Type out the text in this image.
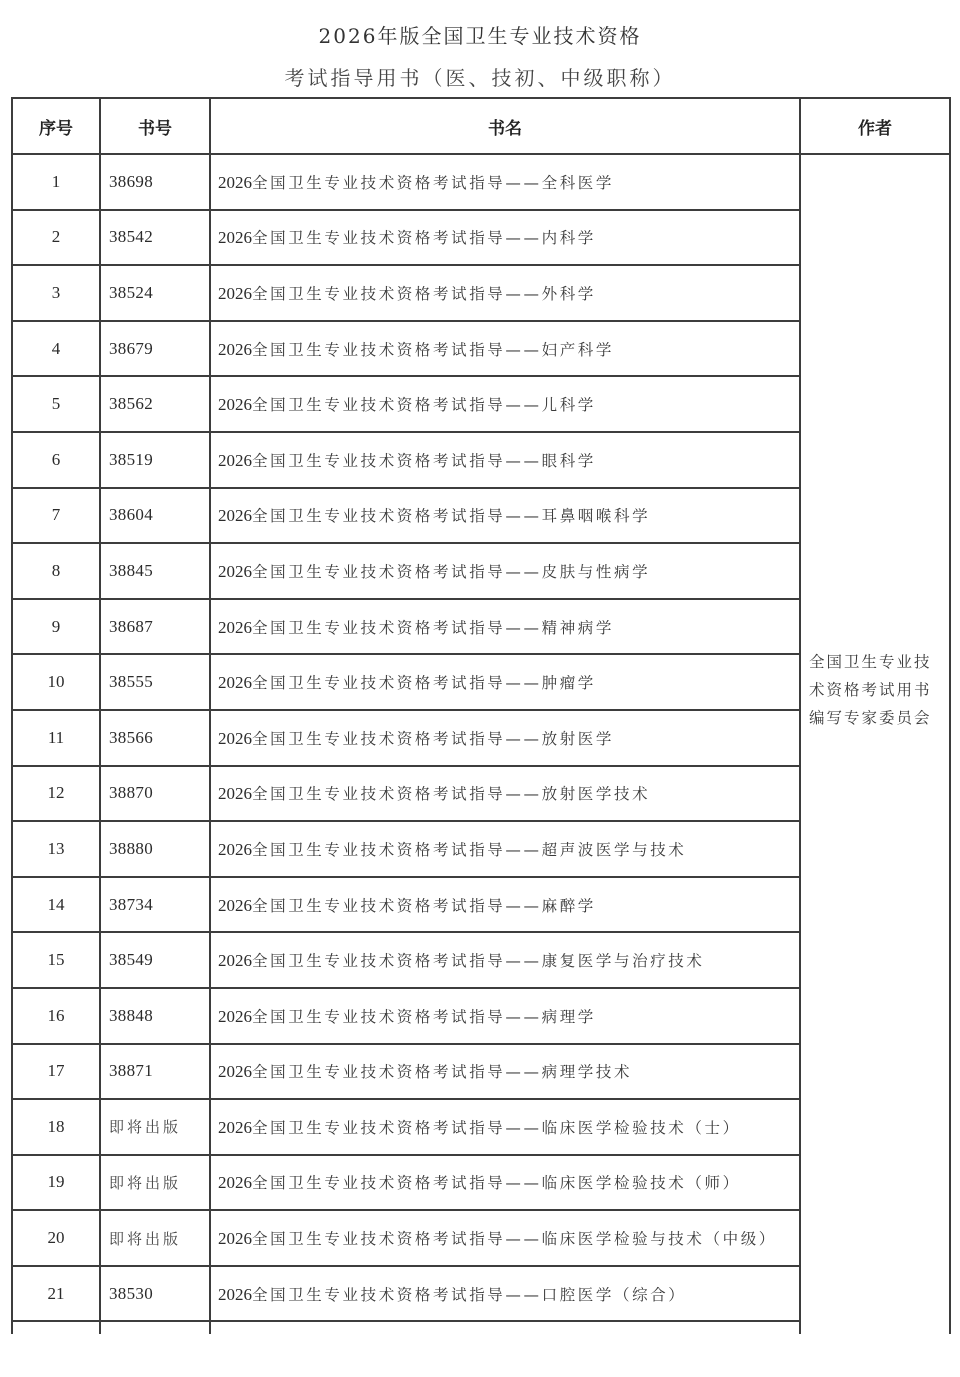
2026年版全国卫生专业技术资格
考试指导用书（医、技初、中级职称）
序号	书号	书名	作者
1	38698	2026全国卫生专业技术资格考试指导——全科医学	全国卫生专业技术资格考试用书编写专家委员会

2	38542	2026全国卫生专业技术资格考试指导——内科学	
3	38524	2026全国卫生专业技术资格考试指导——外科学	
4	38679	2026全国卫生专业技术资格考试指导——妇产科学	
5	38562	2026全国卫生专业技术资格考试指导——儿科学	
6	38519	2026全国卫生专业技术资格考试指导——眼科学	
7	38604	2026全国卫生专业技术资格考试指导——耳鼻咽喉科学	
8	38845	2026全国卫生专业技术资格考试指导——皮肤与性病学	
9	38687	2026全国卫生专业技术资格考试指导——精神病学	
10	38555	2026全国卫生专业技术资格考试指导——肿瘤学	
11	38566	2026全国卫生专业技术资格考试指导——放射医学	
12	38870	2026全国卫生专业技术资格考试指导——放射医学技术	
13	38880	2026全国卫生专业技术资格考试指导——超声波医学与技术	
14	38734	2026全国卫生专业技术资格考试指导——麻醉学	
15	38549	2026全国卫生专业技术资格考试指导——康复医学与治疗技术	
16	38848	2026全国卫生专业技术资格考试指导——病理学	
17	38871	2026全国卫生专业技术资格考试指导——病理学技术	
18	即将出版	2026全国卫生专业技术资格考试指导——临床医学检验技术（士）	
19	即将出版	2026全国卫生专业技术资格考试指导——临床医学检验技术（师）	
20	即将出版	2026全国卫生专业技术资格考试指导——临床医学检验与技术（中级）	
21	38530	2026全国卫生专业技术资格考试指导——口腔医学（综合）	
